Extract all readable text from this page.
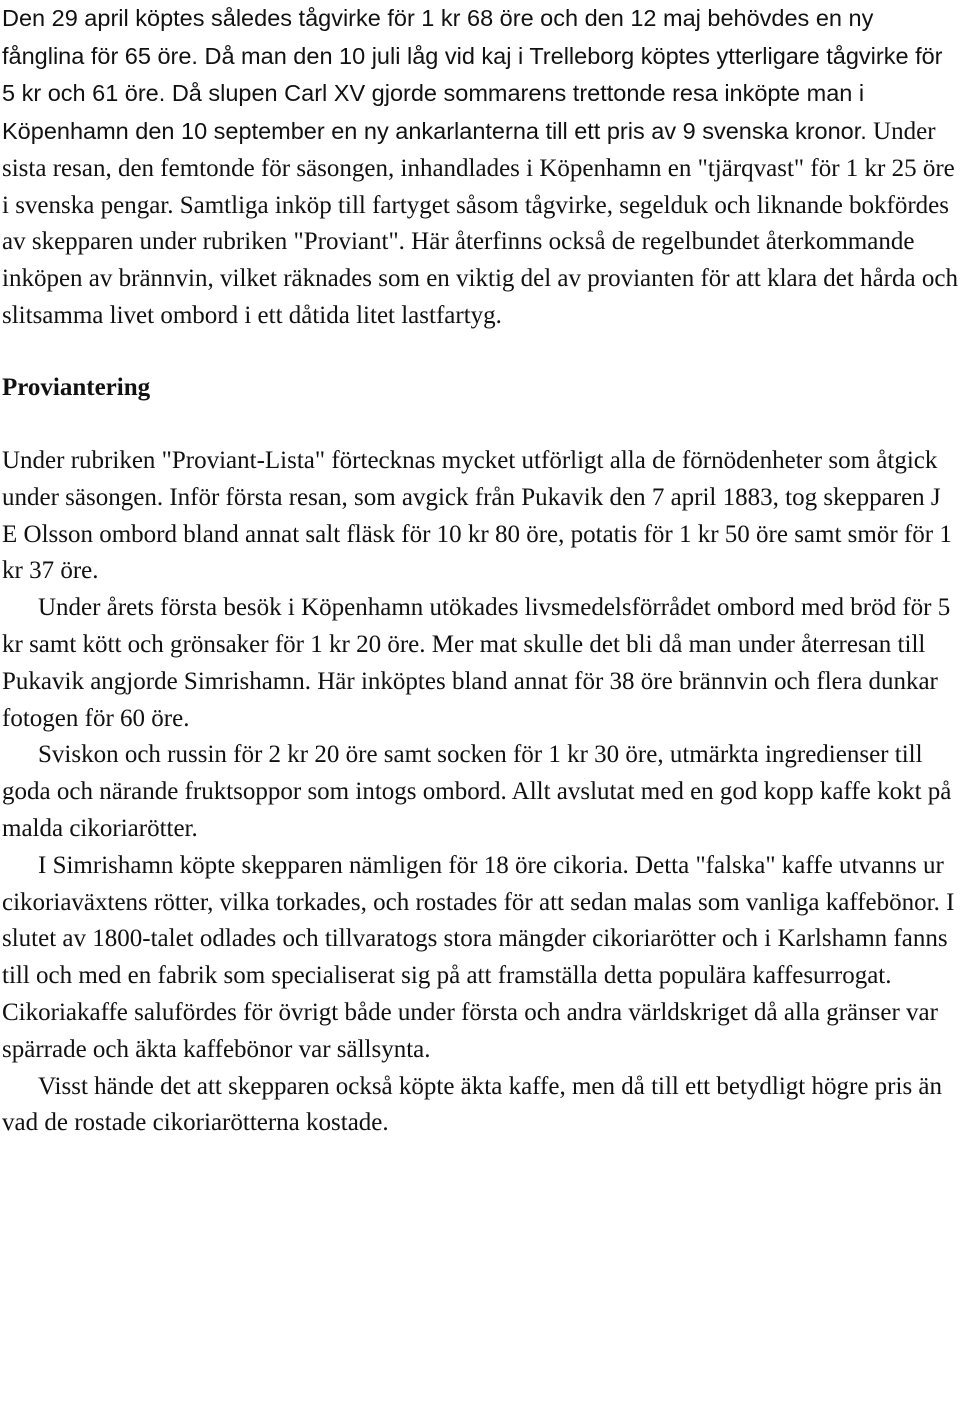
Den 29 april köptes således tågvirke för 1 kr 68 öre och den 12 maj behövdes en ny fånglina för 65 öre. Då man den 10 juli låg vid kaj i Trelleborg köptes ytterligare tågvirke för 5 kr och 61 öre. Då slupen Carl XV gjorde sommarens trettonde resa inköpte man i Köpenhamn den 10 september en ny ankarlanterna till ett pris av 9 svenska kronor. Under sista resan, den femtonde för säsongen, inhandlades i Köpenhamn en "tjärqvast" för 1 kr 25 öre i svenska pengar. Samtliga inköp till fartyget såsom tågvirke, segelduk och liknande bokfördes av skepparen under rubriken "Proviant". Här återfinns också de regelbundet återkommande inköpen av brännvin, vilket räknades som en viktig del av provianten för att klara det hårda och slitsamma livet ombord i ett dåtida litet lastfartyg.

Proviantering

Under rubriken "Proviant-Lista" förtecknas mycket utförligt alla de förnödenheter som åtgick under säsongen. Inför första resan, som avgick från Pukavik den 7 april 1883, tog skepparen J E Olsson ombord bland annat salt fläsk för 10 kr 80 öre, potatis för 1 kr 50 öre samt smör för 1 kr 37 öre.

Under årets första besök i Köpenhamn utökades livsmedelsförrådet ombord med bröd för 5 kr samt kött och grönsaker för 1 kr 20 öre. Mer mat skulle det bli då man under återresan till Pukavik angjorde Simrishamn. Här inköptes bland annat för 38 öre brännvin och flera dunkar fotogen för 60 öre.

Sviskon och russin för 2 kr 20 öre samt socken för 1 kr 30 öre, utmärkta ingredienser till goda och närande fruktsoppor som intogs ombord. Allt avslutat med en god kopp kaffe kokt på malda cikoriarötter.

I Simrishamn köpte skepparen nämligen för 18 öre cikoria. Detta "falska" kaffe utvanns ur cikoriaväxtens rötter, vilka torkades, och rostades för att sedan malas som vanliga kaffebönor. I slutet av 1800-talet odlades och tillvaratogs stora mängder cikoriarötter och i Karlshamn fanns till och med en fabrik som specialiserat sig på att framställa detta populära kaffesurrogat. Cikoriakaffe salufördes för övrigt både under första och andra världskriget då alla gränser var spärrade och äkta kaffebönor var sällsynta.

Visst hände det att skepparen också köpte äkta kaffe, men då till ett betydligt högre pris än vad de rostade cikoriarötterna kostade.
